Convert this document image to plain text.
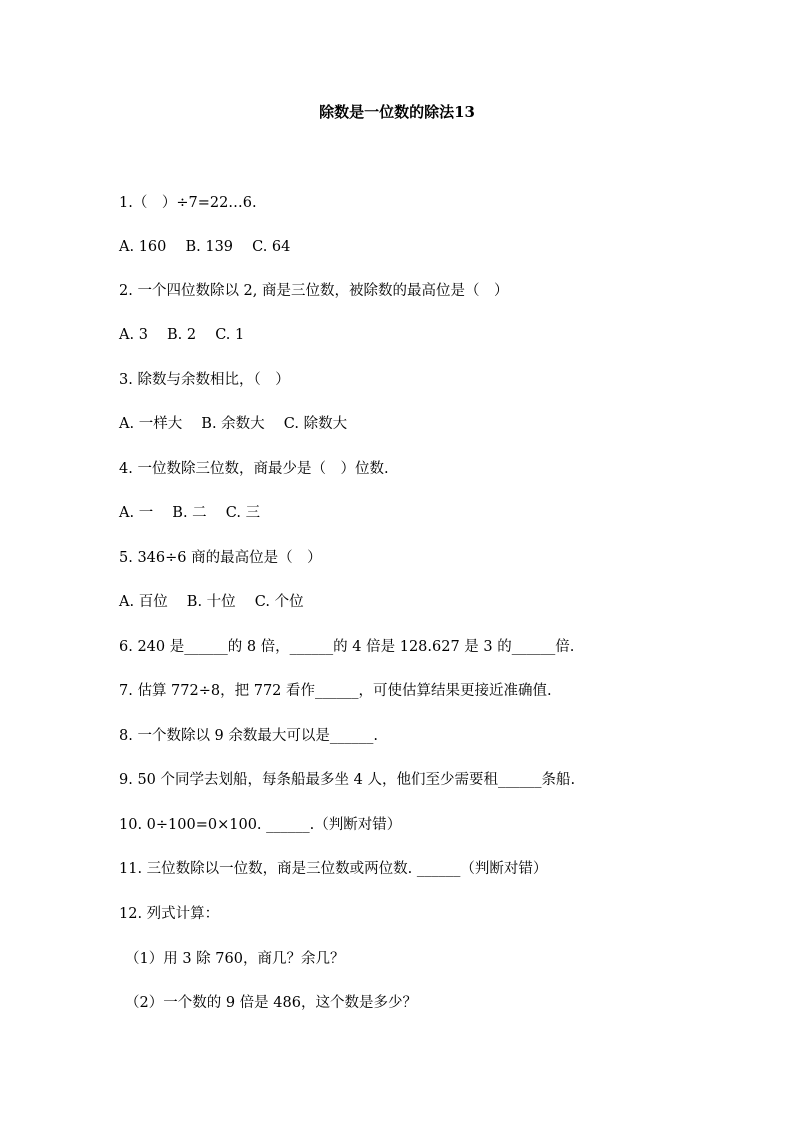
除数是一位数的除法13
1.（　）÷7=22…6.
A. 160　 B. 139　 C. 64
2. 一个四位数除以 2, 商是三位数，被除数的最高位是（　）
A. 3　 B. 2　 C. 1
3. 除数与余数相比，（　）
A. 一样大　 B. 余数大　 C. 除数大
4. 一位数除三位数，商最少是（　）位数.
A. 一　 B. 二　 C. 三
5. 346÷6 商的最高位是（　）
A. 百位　 B. 十位　 C. 个位
6. 240 是______的 8 倍，______的 4 倍是 128.627 是 3 的______倍.
7. 估算 772÷8，把 772 看作______，可使估算结果更接近准确值.
8. 一个数除以 9 余数最大可以是______.
9. 50 个同学去划船，每条船最多坐 4 人，他们至少需要租______条船.
10. 0÷100=0×100. ______.（判断对错）
11. 三位数除以一位数，商是三位数或两位数. ______（判断对错）
12. 列式计算：
（1）用 3 除 760，商几？余几？
（2）一个数的 9 倍是 486，这个数是多少？
